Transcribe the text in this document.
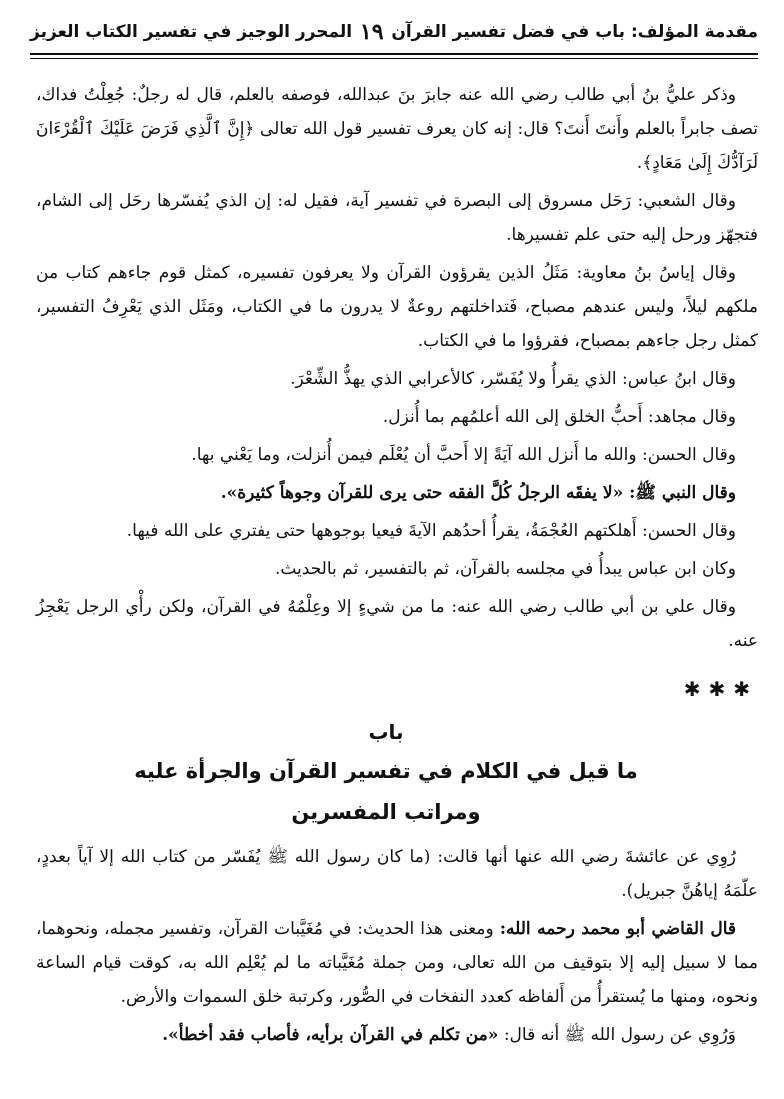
مقدمة المؤلف: باب في فضل تفسير القرآن
١٩
المحرر الوجيز في تفسير الكتاب العزيز

وذكر عليُّ بنُ أبي طالب رضي الله عنه جابرَ بنَ عبدالله، فوصفه بالعلم، قال له رجلٌ: جُعِلْتُ فداك، تصف جابراً بالعلم وأَنتَ أَنتَ؟ قال: إنه كان يعرف تفسير قول الله تعالى ﴿إِنَّ ٱلَّذِي فَرَضَ عَلَيْكَ ٱلْقُرْءَانَ لَرَآدُّكَ إِلَىٰ مَعَادٍ﴾.

وقال الشعبي: رَحَل مسروق إلى البصرة في تفسير آية، فقيل له: إن الذي يُفسّرها رحَل إلى الشام، فتجهّز ورحل إليه حتى علم تفسيرها.

وقال إياسُ بنُ معاوية: مَثَلُ الذين يقرؤون القرآن ولا يعرفون تفسيره، كمثل قوم جاءهم كتاب من ملكهم ليلاً، وليس عندهم مصباح، فَتداخلتهم روعةٌ لا يدرون ما في الكتاب، ومَثَل الذي يَعْرِفُ التفسير، كمثل رجل جاءهم بمصباح، فقرؤوا ما في الكتاب.

وقال ابنُ عباس: الذي يقرأُ ولا يُفَسّر، كالأعرابي الذي يهذُّ الشِّعْرَ.

وقال مجاهد: أَحبُّ الخلق إلى الله أعلمُهم بما أُنزل.

وقال الحسن: والله ما أَنزل الله آيَةً إلا أَحبَّ أن يُعْلَم فيمن أُنزلت، وما يَعْني بها.

وقال النبي ﷺ: «لا يفقَه الرجلُ كُلَّ الفقه حتى يرى للقرآن وجوهاً كثيرة».

وقال الحسن: أَهلكتهم العُجْمَةُ، يقرأُ أحدُهم الآيةَ فيعيا بوجوهها حتى يفتري على الله فيها.

وكان ابن عباس يبدأُ في مجلسه بالقرآن، ثم بالتفسير، ثم بالحديث.

وقال علي بن أبي طالب رضي الله عنه: ما من شيءٍ إلا وعِلْمُهُ في القرآن، ولكن رأْي الرجل يَعْجِزُ عنه.

✱✱✱

باب

ما قيل في الكلام في تفسير القرآن والجرأة عليه

ومراتب المفسرين

رُوِي عن عائشةَ رضي الله عنها أنها قالت: (ما كان رسول الله ﷺ يُفَسّر من كتاب الله إلا آياً بعددٍ، علّمَهُ إياهُنَّ جبريل).

قال القاضي أبو محمد رحمه الله: ومعنى هذا الحديث: في مُغَيَّبات القرآن، وتفسير مجمله، ونحوهما، مما لا سبيل إليه إلا بتوقيف من الله تعالى، ومن جملة مُغَيَّباته ما لم يُعْلِم الله به، كوقت قيام الساعة ونحوه، ومنها ما يُستقرأُ من أَلفاظه كعدد النفخات في الصُّور، وكرتبة خلق السموات والأرض.

وَرُوِي عن رسول الله ﷺ أنه قال: «من تكلم في القرآن برأيه، فأصاب فقد أخطأ».
